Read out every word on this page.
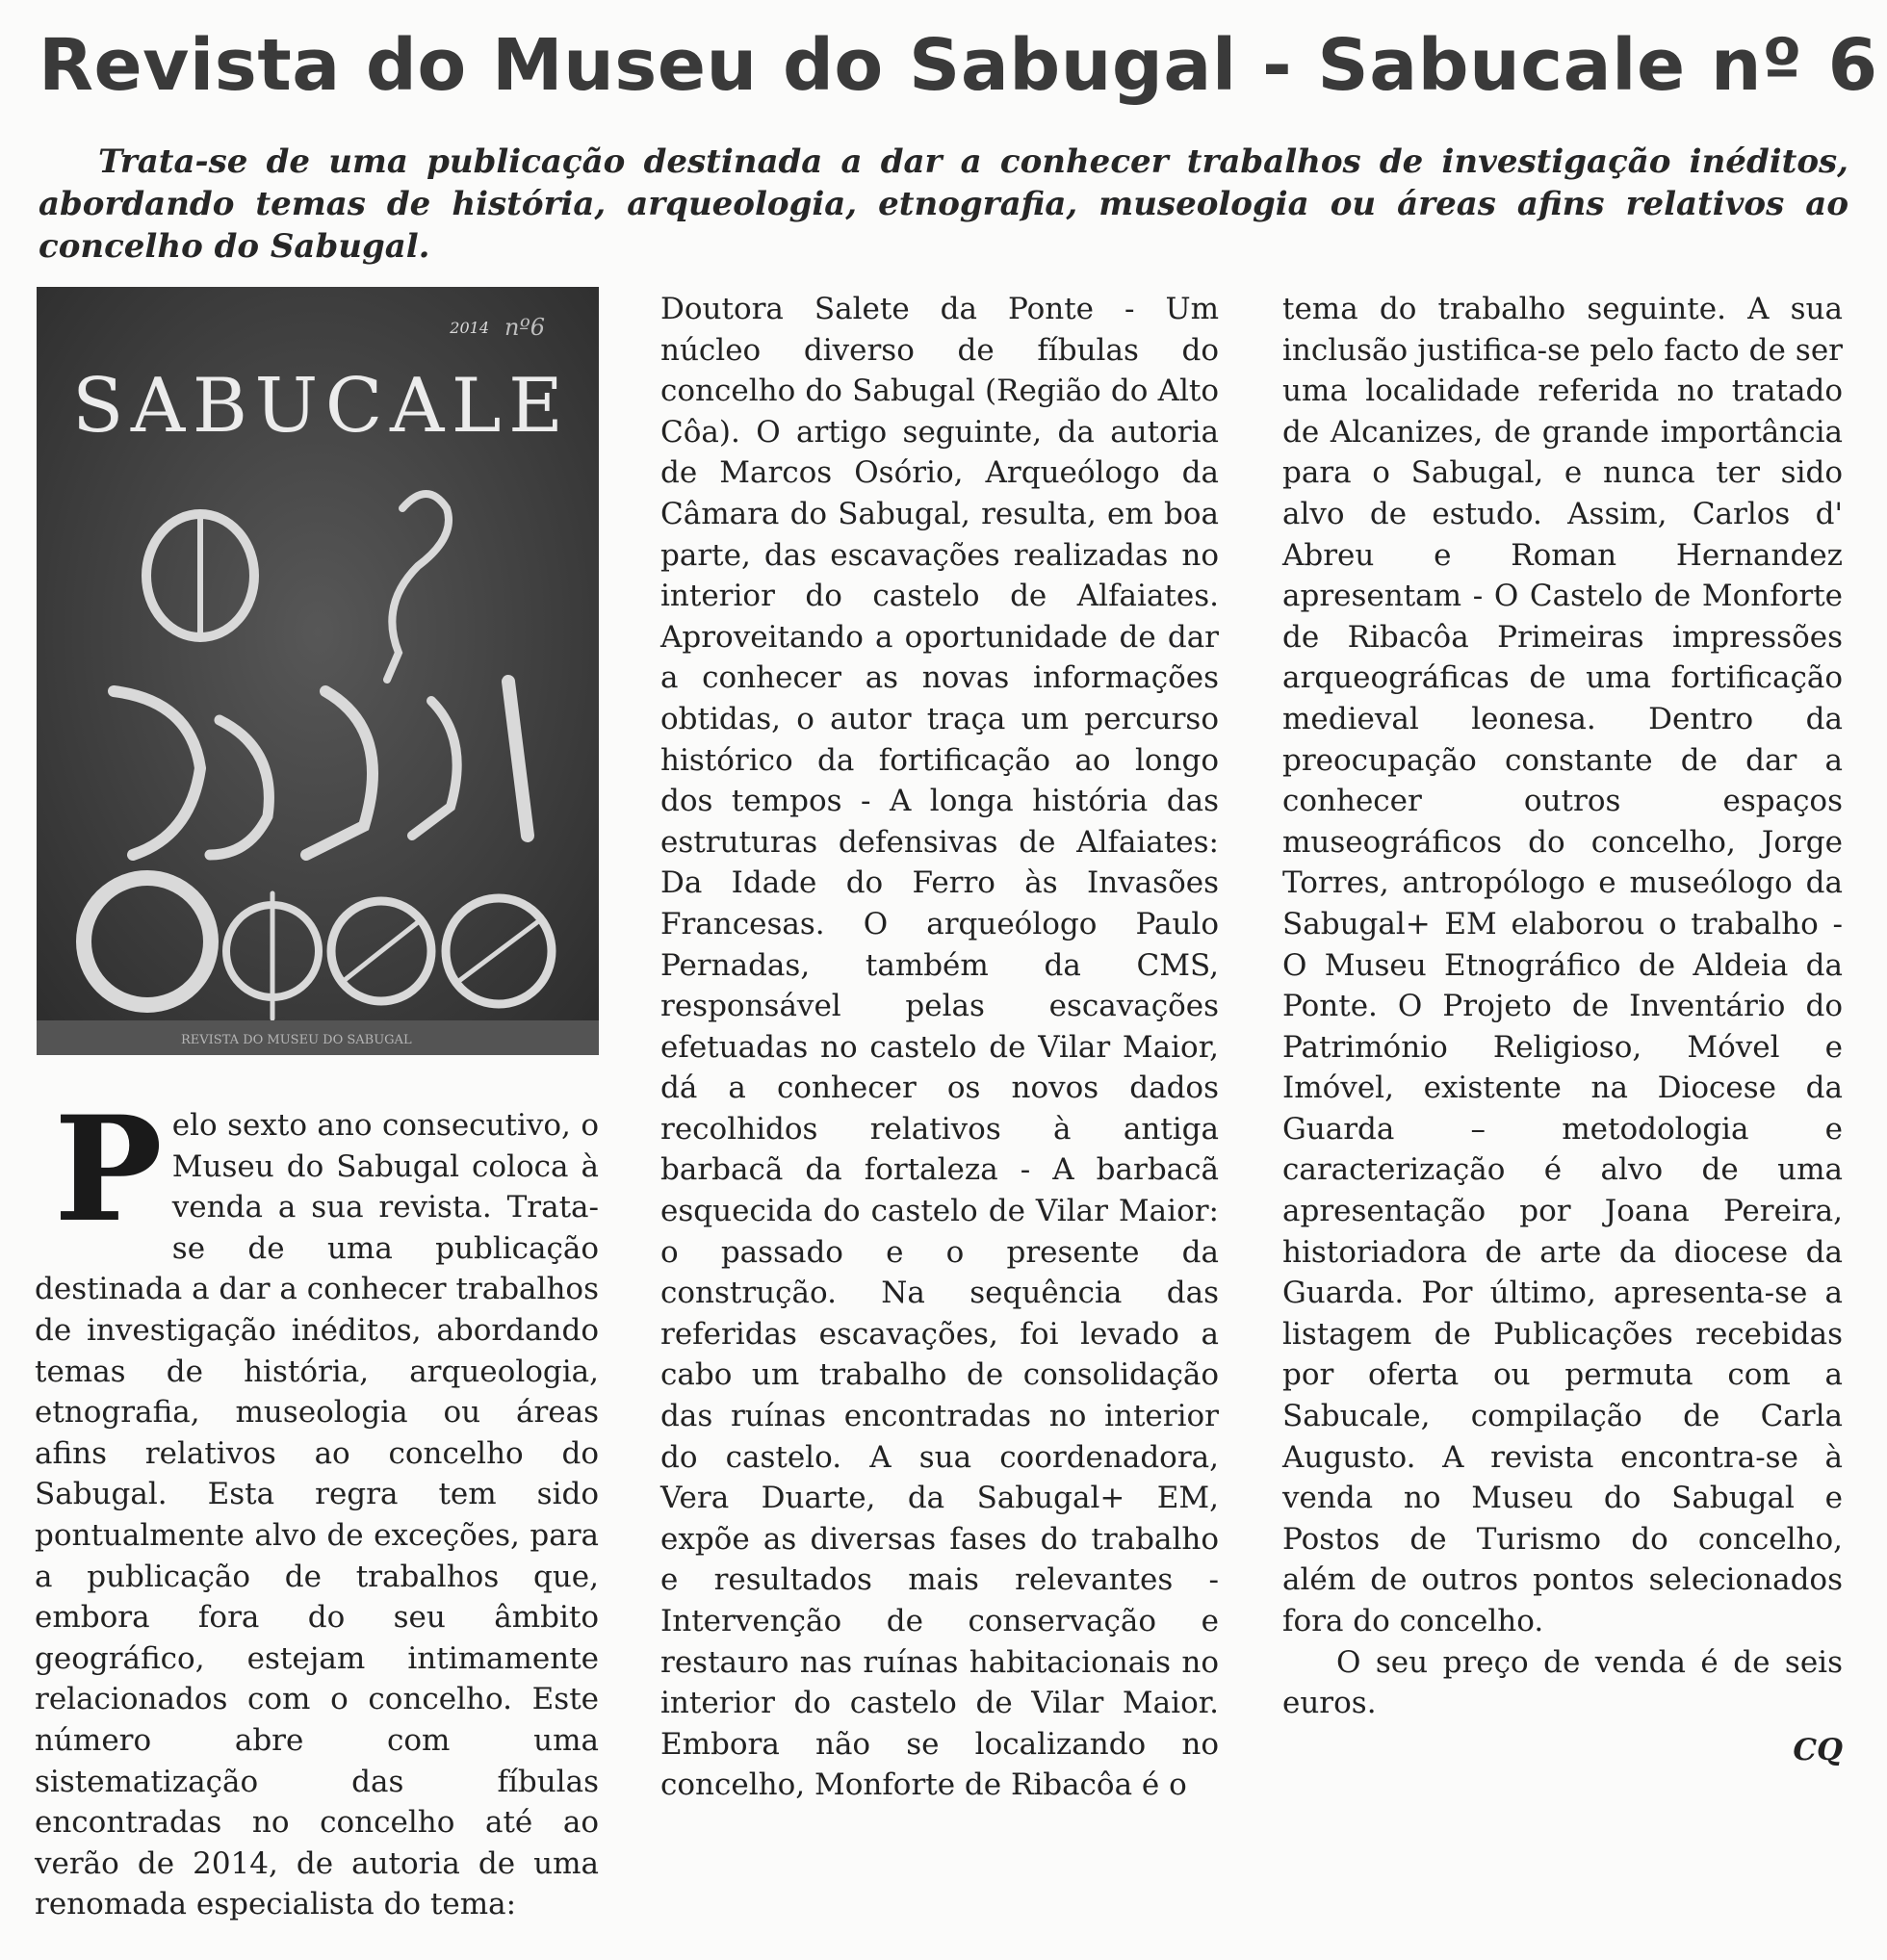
Revista do Museu do Sabugal - Sabucale nº 6

Trata-se de uma publicação destinada a dar a conhecer trabalhos de investigação inéditos, abordando temas de história, arqueologia, etnografia, museologia ou áreas afins relativos ao concelho do Sabugal.

2014 nº6
SABUCALE
REVISTA DO MUSEU DO SABUGAL

Pelo sexto ano consecutivo, o Museu do Sabugal coloca à venda a sua revista. Trata-se de uma publicação destinada a dar a conhecer trabalhos de investigação inéditos, abordando temas de história, arqueologia, etnografia, museologia ou áreas afins relativos ao concelho do Sabugal. Esta regra tem sido pontualmente alvo de exceções, para a publicação de trabalhos que, embora fora do seu âmbito geográfico, estejam intimamente relacionados com o concelho. Este número abre com uma sistematização das fíbulas encontradas no concelho até ao verão de 2014, de autoria de uma renomada especialista do tema:

Doutora Salete da Ponte - Um núcleo diverso de fíbulas do concelho do Sabugal (Região do Alto Côa). O artigo seguinte, da autoria de Marcos Osório, Arqueólogo da Câmara do Sabugal, resulta, em boa parte, das escavações realizadas no interior do castelo de Alfaiates. Aproveitando a oportunidade de dar a conhecer as novas informações obtidas, o autor traça um percurso histórico da fortificação ao longo dos tempos - A longa história das estruturas defensivas de Alfaiates: Da Idade do Ferro às Invasões Francesas. O arqueólogo Paulo Pernadas, também da CMS, responsável pelas escavações efetuadas no castelo de Vilar Maior, dá a conhecer os novos dados recolhidos relativos à antiga barbacã da fortaleza - A barbacã esquecida do castelo de Vilar Maior: o passado e o presente da construção. Na sequência das referidas escavações, foi levado a cabo um trabalho de consolidação das ruínas encontradas no interior do castelo. A sua coordenadora, Vera Duarte, da Sabugal+ EM, expõe as diversas fases do trabalho e resultados mais relevantes - Intervenção de conservação e restauro nas ruínas habitacionais no interior do castelo de Vilar Maior. Embora não se localizando no concelho, Monforte de Ribacôa é o

tema do trabalho seguinte. A sua inclusão justifica-se pelo facto de ser uma localidade referida no tratado de Alcanizes, de grande importância para o Sabugal, e nunca ter sido alvo de estudo. Assim, Carlos d' Abreu e Roman Hernandez apresentam - O Castelo de Monforte de Ribacôa Primeiras impressões arqueográficas de uma fortificação medieval leonesa. Dentro da preocupação constante de dar a conhecer outros espaços museográficos do concelho, Jorge Torres, antropólogo e museólogo da Sabugal+ EM elaborou o trabalho - O Museu Etnográfico de Aldeia da Ponte. O Projeto de Inventário do Património Religioso, Móvel e Imóvel, existente na Diocese da Guarda – metodologia e caracterização é alvo de uma apresentação por Joana Pereira, historiadora de arte da diocese da Guarda. Por último, apresenta-se a listagem de Publicações recebidas por oferta ou permuta com a Sabucale, compilação de Carla Augusto. A revista encontra-se à venda no Museu do Sabugal e Postos de Turismo do concelho, além de outros pontos selecionados fora do concelho.

O seu preço de venda é de seis euros.

CQ
